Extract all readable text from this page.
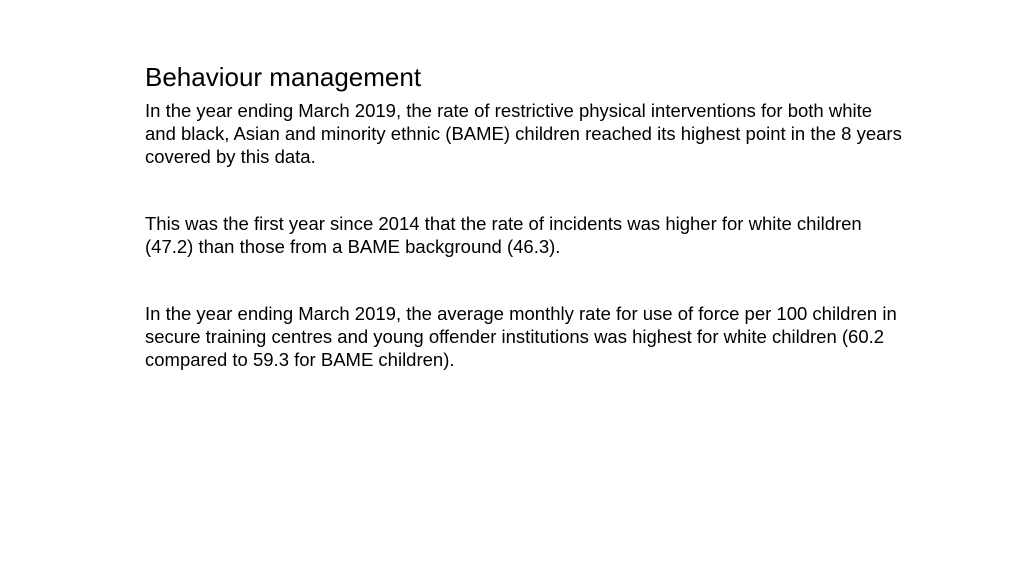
Behaviour management

In the year ending March 2019, the rate of restrictive physical interventions for both white and black, Asian and minority ethnic (BAME) children reached its highest point in the 8 years covered by this data.

This was the first year since 2014 that the rate of incidents was higher for white children (47.2) than those from a BAME background (46.3).

In the year ending March 2019, the average monthly rate for use of force per 100 children in secure training centres and young offender institutions was highest for white children (60.2 compared to 59.3 for BAME children).
